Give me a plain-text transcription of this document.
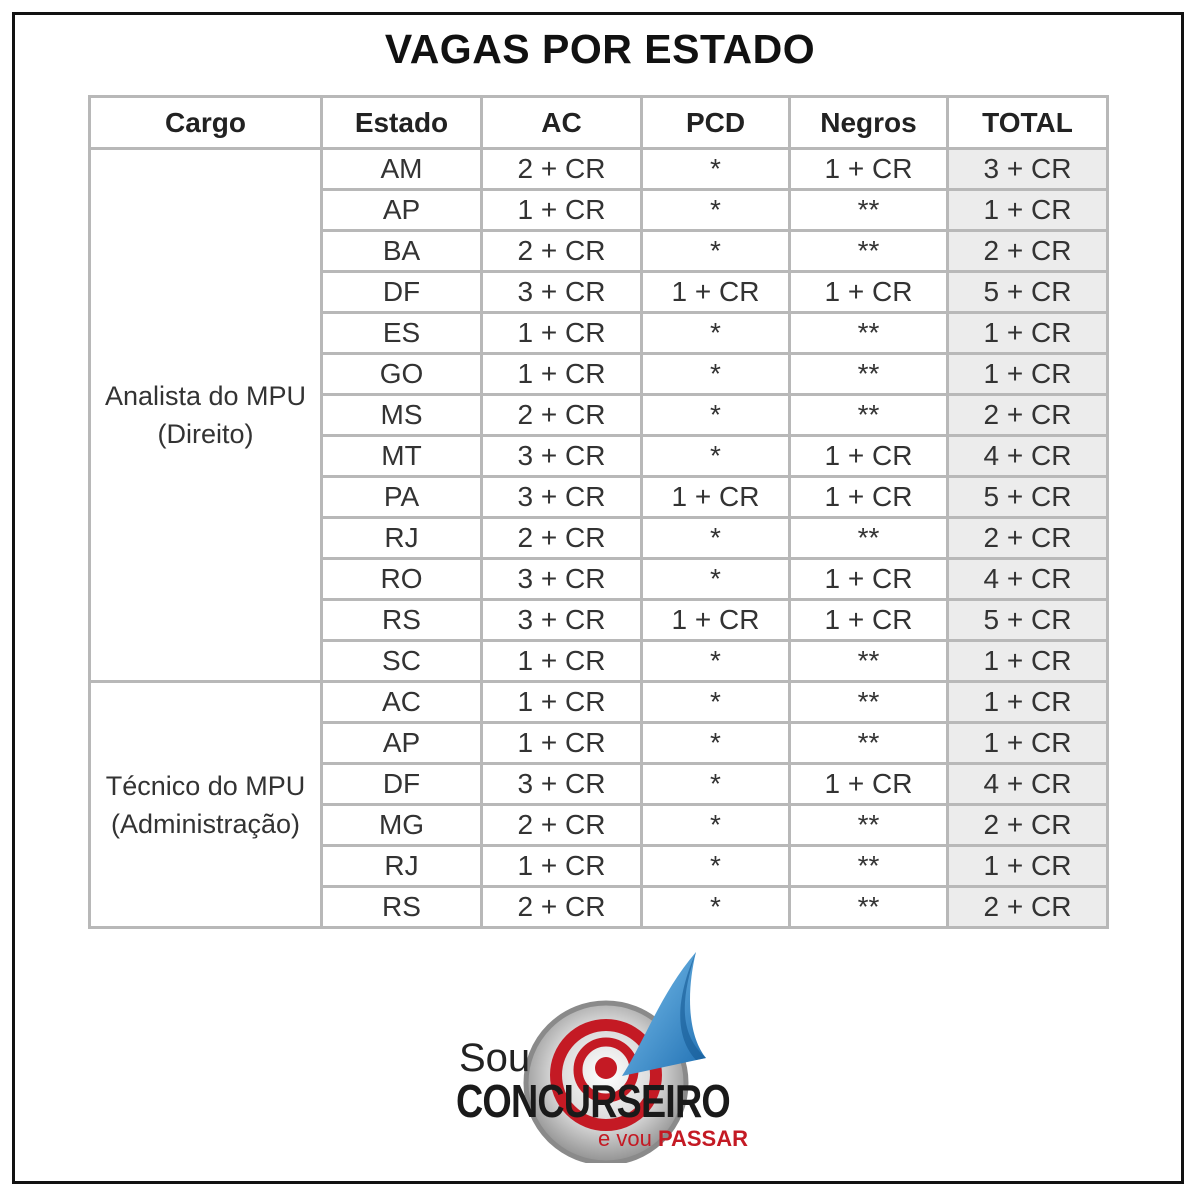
VAGAS POR ESTADO
Cargo	Estado	AC	PCD	Negros	TOTAL

Analista do MPU
(Direito)	AM	2 + CR	*	1 + CR	3 + CR
	AP	1 + CR	*	**	1 + CR
	BA	2 + CR	*	**	2 + CR
	DF	3 + CR	1 + CR	1 + CR	5 + CR
	ES	1 + CR	*	**	1 + CR
	GO	1 + CR	*	**	1 + CR
	MS	2 + CR	*	**	2 + CR
	MT	3 + CR	*	1 + CR	4 + CR
	PA	3 + CR	1 + CR	1 + CR	5 + CR
	RJ	2 + CR	*	**	2 + CR
	RO	3 + CR	*	1 + CR	4 + CR
	RS	3 + CR	1 + CR	1 + CR	5 + CR
	SC	1 + CR	*	**	1 + CR

Técnico do MPU
(Administração)	AC	1 + CR	*	**	1 + CR
	AP	1 + CR	*	**	1 + CR
	DF	3 + CR	*	1 + CR	4 + CR
	MG	2 + CR	*	**	2 + CR
	RJ	1 + CR	*	**	1 + CR
	RS	2 + CR	*	**	2 + CR
Sou
CONCURSEIRO
e vou PASSAR
